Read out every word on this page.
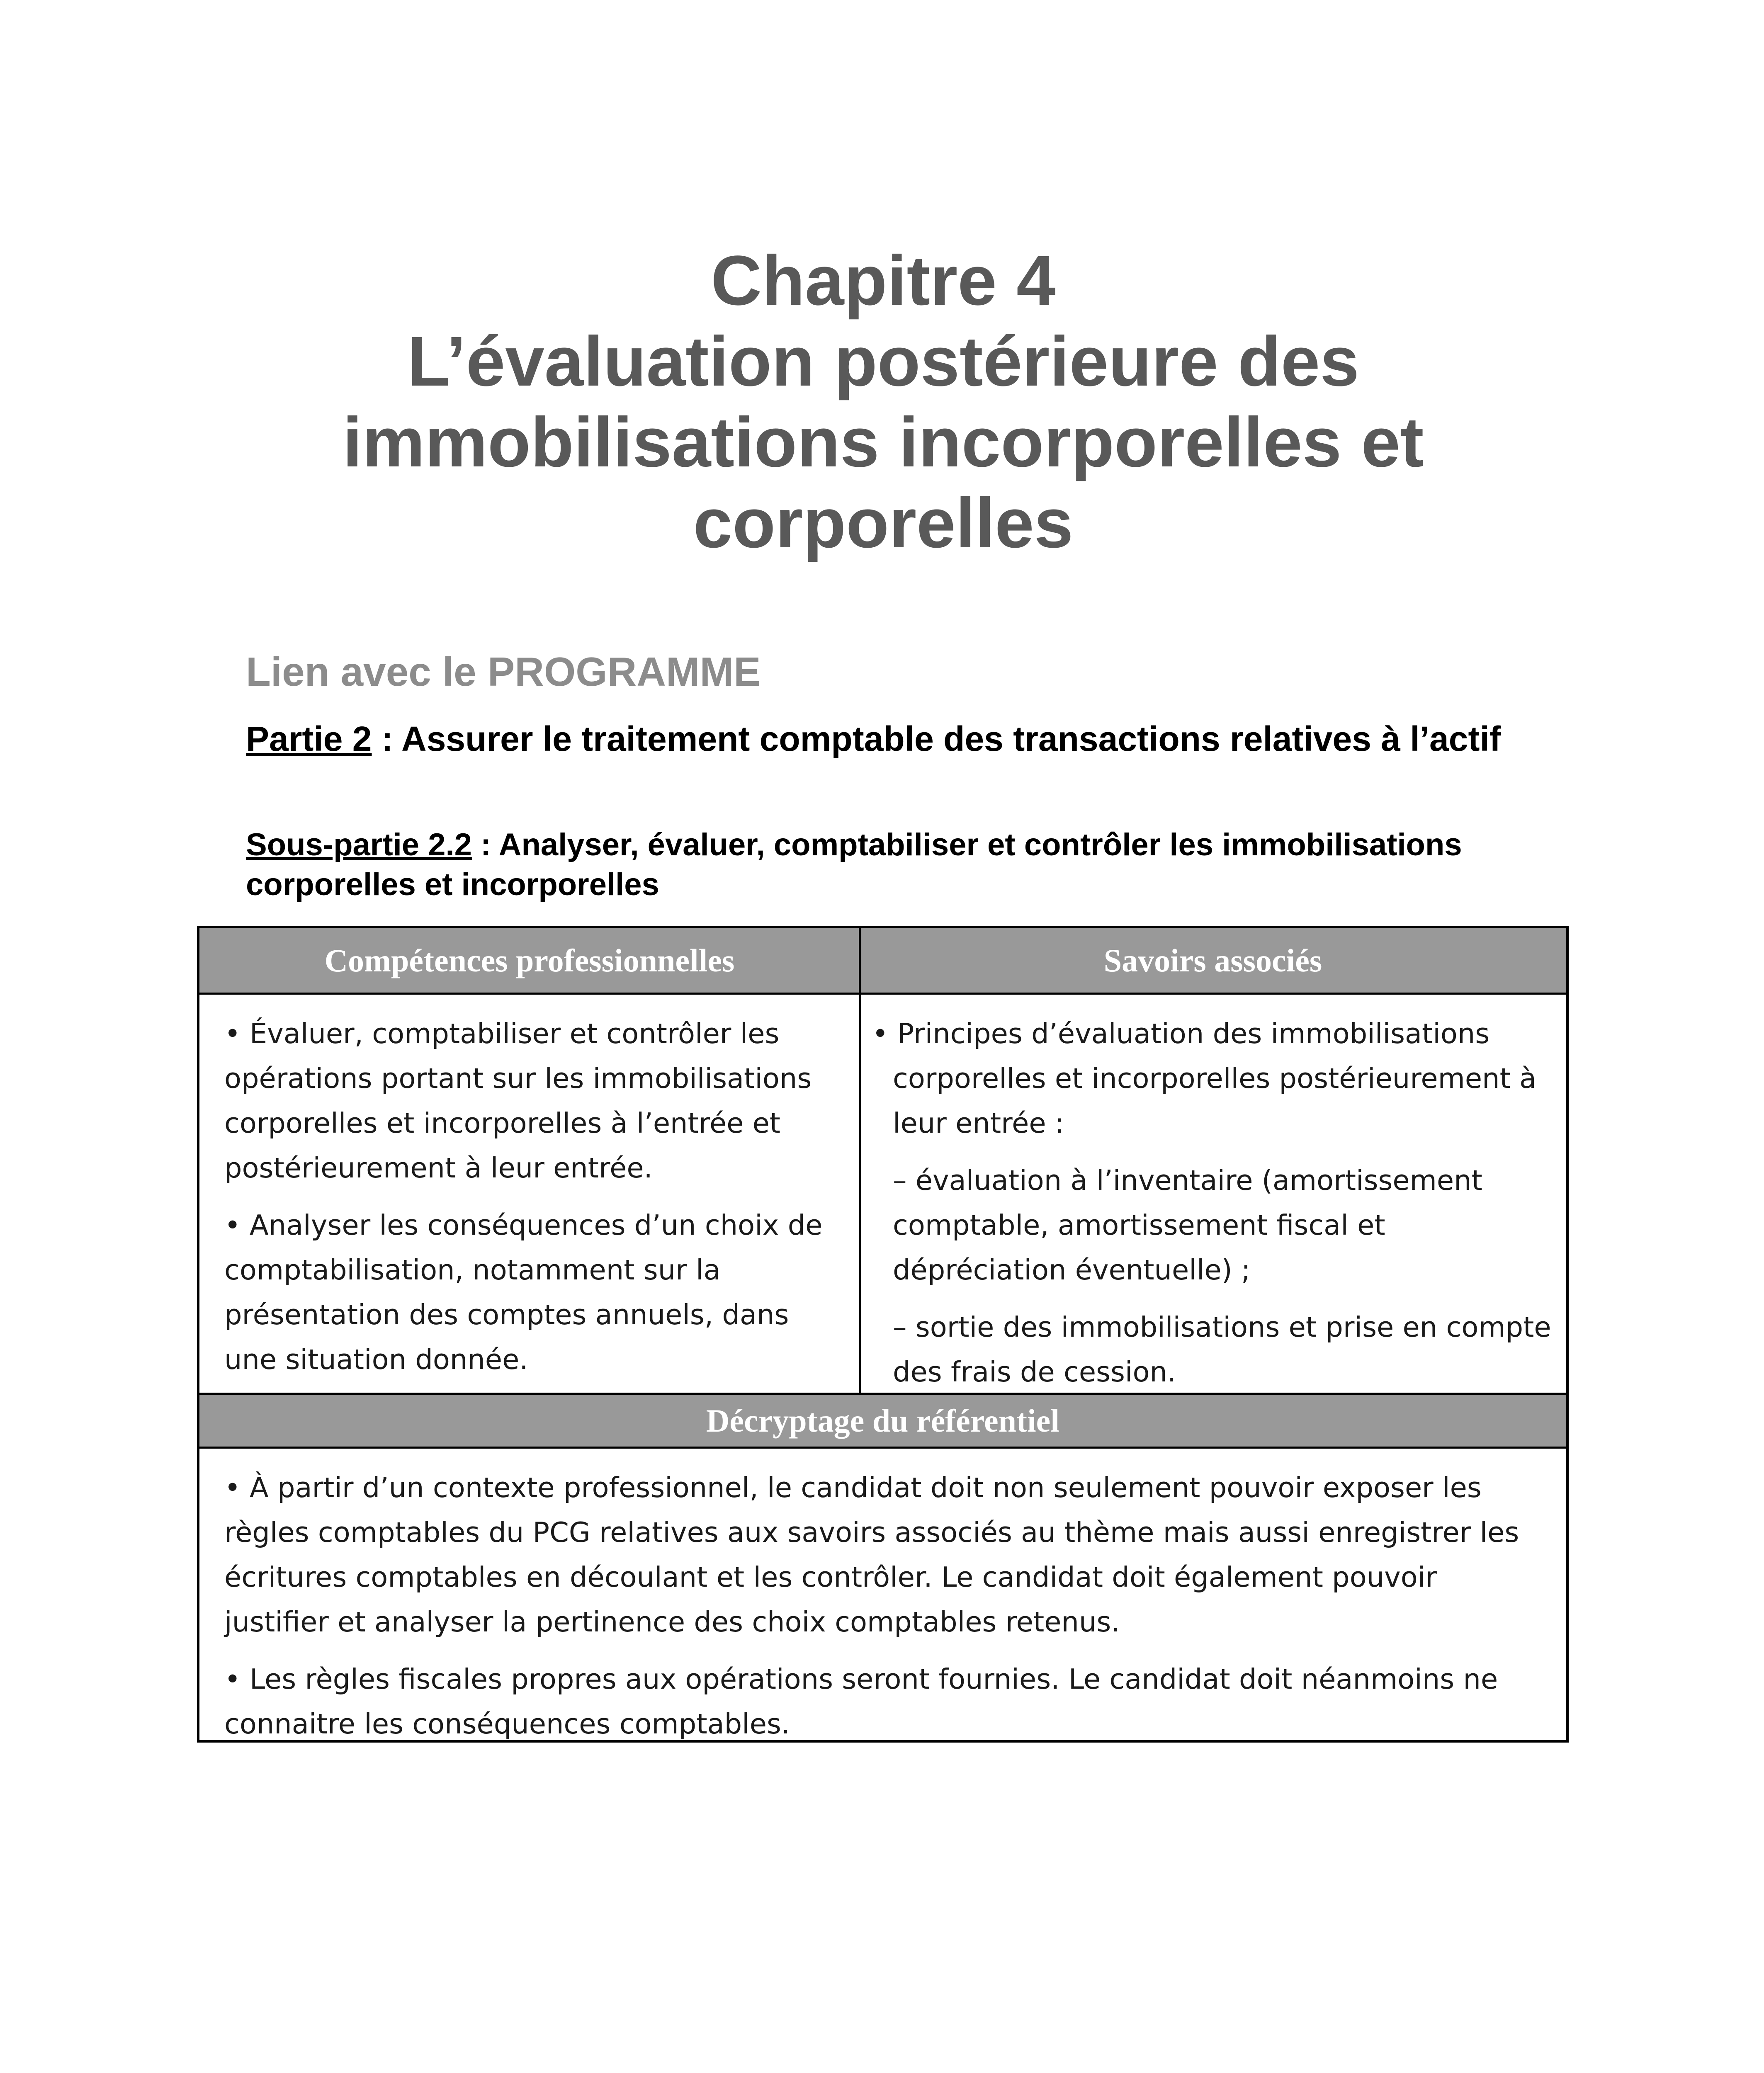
Chapitre 4
L’évaluation postérieure des
immobilisations incorporelles et
corporelles
Lien avec le PROGRAMME
Partie 2 : Assurer le traitement comptable des transactions relatives à l’actif
Sous-partie 2.2 : Analyser, évaluer, comptabiliser et contrôler les immobilisations corporelles et incorporelles
Compétences professionnelles	Savoirs associés

• Évaluer, comptabiliser et contrôler les opérations portant sur les immobilisations corporelles et incorporelles à l’entrée et postérieurement à leur entrée.

• Analyser les conséquences d’un choix de comptabilisation, notamment sur la présentation des comptes annuels, dans une situation donnée.

• Principes d’évaluation des immobilisations corporelles et incorporelles postérieurement à leur entrée :

– évaluation à l’inventaire (amortissement comptable, amortissement fiscal et dépréciation éventuelle) ;

– sortie des immobilisations et prise en compte des frais de cession.

Décryptage du référentiel

• À partir d’un contexte professionnel, le candidat doit non seulement pouvoir exposer les règles comptables du PCG relatives aux savoirs associés au thème mais aussi enregistrer les écritures comptables en découlant et les contrôler. Le candidat doit également pouvoir justifier et analyser la pertinence des choix comptables retenus.

• Les règles fiscales propres aux opérations seront fournies. Le candidat doit néanmoins ne connaitre les conséquences comptables.
